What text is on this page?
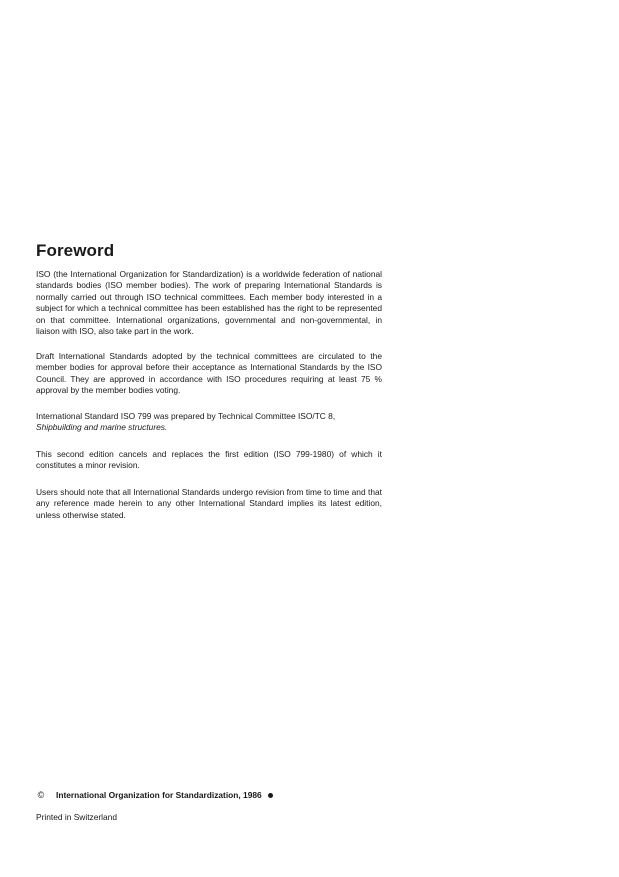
Foreword

ISO (the International Organization for Standardization) is a worldwide federation of national standards bodies (ISO member bodies). The work of preparing International Standards is normally carried out through ISO technical committees. Each member body interested in a subject for which a technical committee has been established has the right to be represented on that committee. International organizations, governmental and non-governmental, in liaison with ISO, also take part in the work.

Draft International Standards adopted by the technical committees are circulated to the member bodies for approval before their acceptance as International Standards by the ISO Council. They are approved in accordance with ISO procedures requiring at least 75 % approval by the member bodies voting.

International Standard ISO 799 was prepared by Technical Committee ISO/TC 8,
Shipbuilding and marine structures.

This second edition cancels and replaces the first edition (ISO 799-1980) of which it constitutes a minor revision.

Users should note that all International Standards undergo revision from time to time and that any reference made herein to any other International Standard implies its latest edition, unless otherwise stated.

© International Organization for Standardization, 1986
Printed in Switzerland
